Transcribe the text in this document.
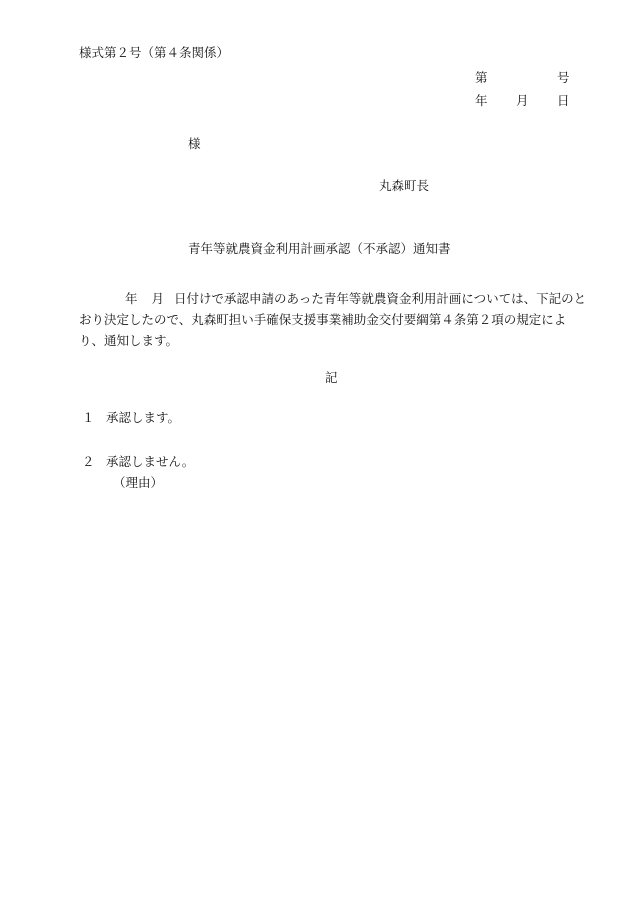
様式第２号（第４条関係）
第	号
年 月 日
様
丸森町長
青年等就農資金利用計画承認（不承認）通知書
年 月 日付けで承認申請のあった青年等就農資金利用計画については、下記のとおり決定したので、丸森町担い手確保支援事業補助金交付要綱第４条第２項の規定により、通知します。
記
１ 承認します。
２ 承認しません。
（理由）
